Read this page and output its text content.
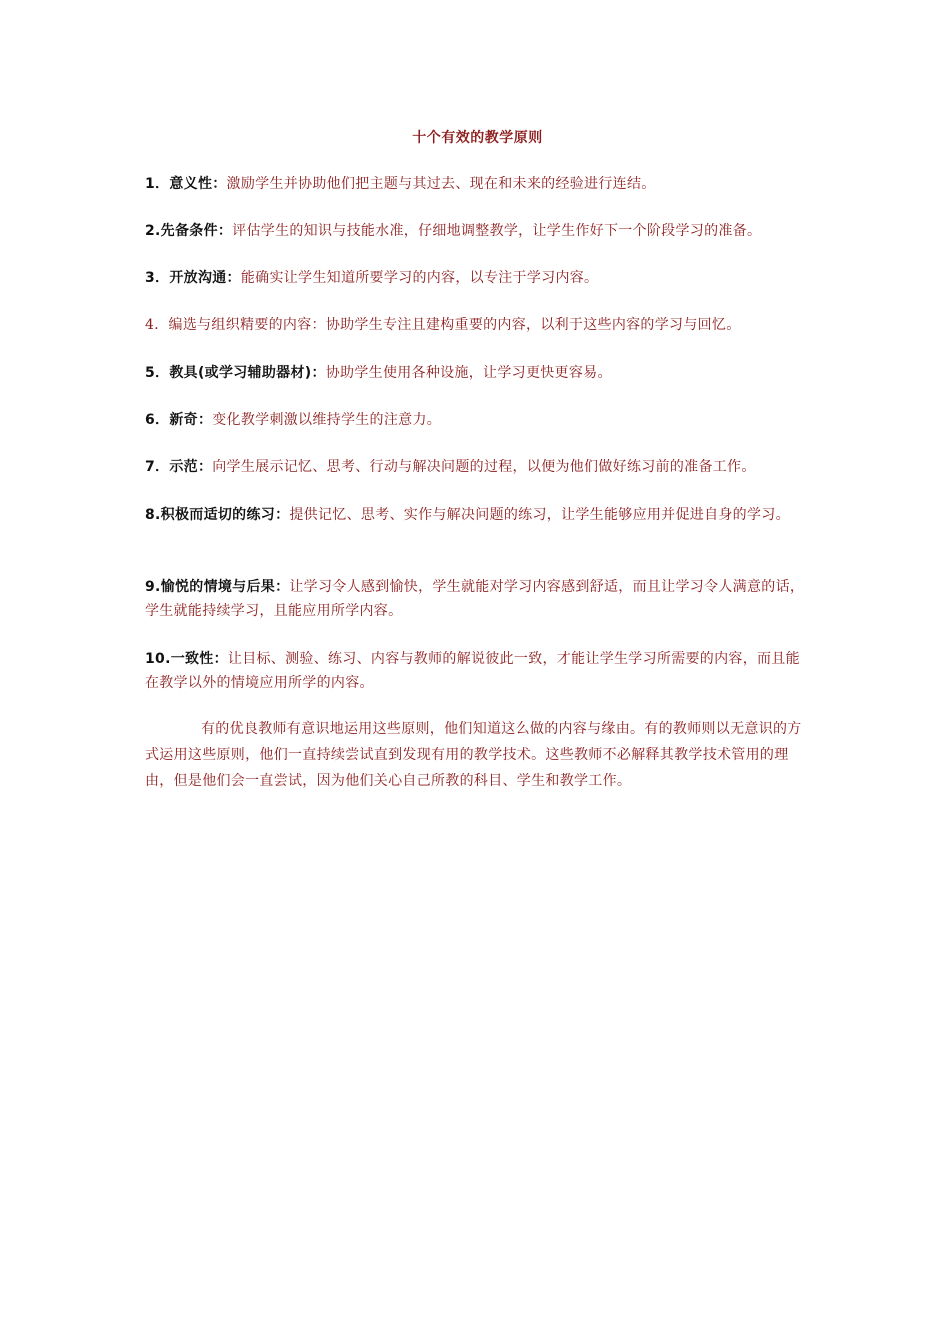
十个有效的教学原则
1．意义性：激励学生并协助他们把主题与其过去、现在和未来的经验进行连结。
2.先备条件：评估学生的知识与技能水准，仔细地调整教学，让学生作好下一个阶段学习的准备。
3．开放沟通：能确实让学生知道所要学习的内容，以专注于学习内容。
4．编选与组织精要的内容：协助学生专注且建构重要的内容，以利于这些内容的学习与回忆。
5．教具(或学习辅助器材)：协助学生使用各种设施，让学习更快更容易。
6．新奇：变化教学刺激以维持学生的注意力。
7．示范：向学生展示记忆、思考、行动与解决问题的过程，以便为他们做好练习前的准备工作。
8.积极而适切的练习：提供记忆、思考、实作与解决问题的练习，让学生能够应用并促进自身的学习。
9.愉悦的情境与后果：让学习令人感到愉快，学生就能对学习内容感到舒适，而且让学习令人满意的话，学生就能持续学习，且能应用所学内容。
10.一致性：让目标、测验、练习、内容与教师的解说彼此一致，才能让学生学习所需要的内容，而且能在教学以外的情境应用所学的内容。
有的优良教师有意识地运用这些原则，他们知道这么做的内容与缘由。有的教师则以无意识的方式运用这些原则，他们一直持续尝试直到发现有用的教学技术。这些教师不必解释其教学技术管用的理由，但是他们会一直尝试，因为他们关心自己所教的科目、学生和教学工作。
